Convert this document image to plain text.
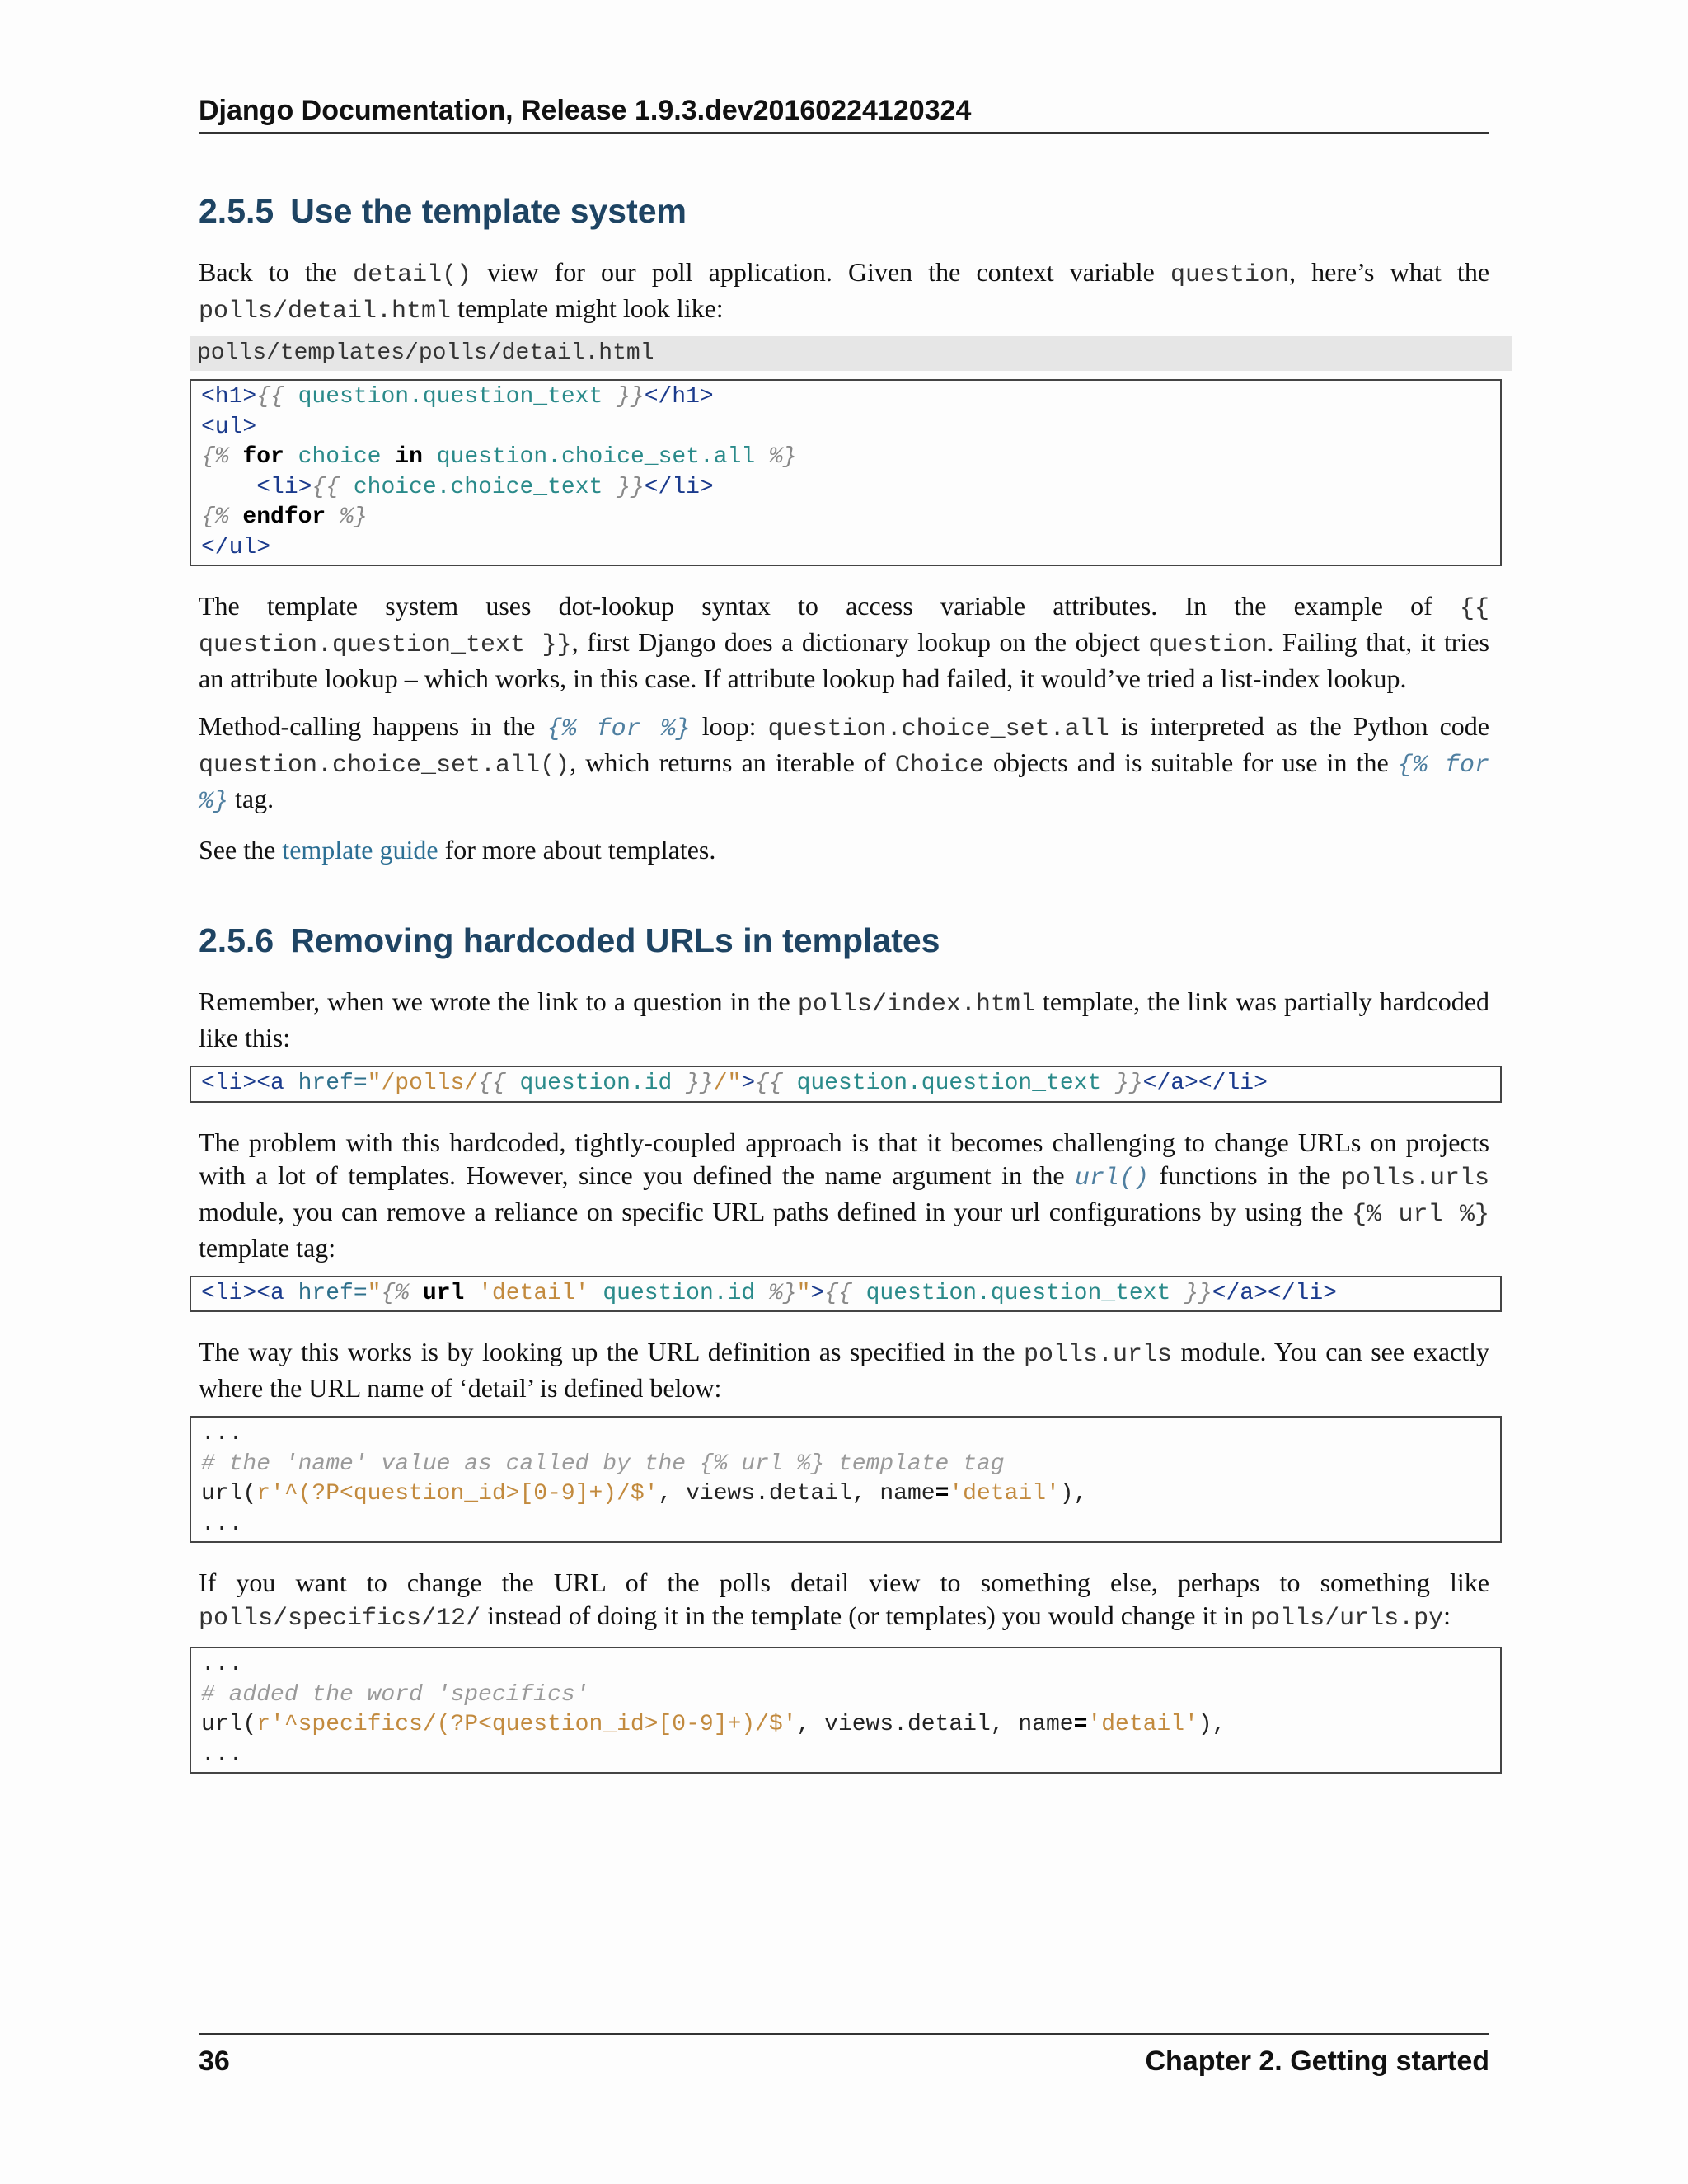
Django Documentation, Release 1.9.3.dev20160224120324
2.5.5 Use the template system

Back to the detail() view for our poll application. Given the context variable question, here’s what the polls/detail.html template might look like:

polls/templates/polls/detail.html
<h1>{{ question.question_text }}</h1>
<ul>
{% for choice in question.choice_set.all %}
<li>{{ choice.choice_text }}</li>
{% endfor %}
</ul>

The template system uses dot-lookup syntax to access variable attributes. In the example of {{ question.question_text }}, first Django does a dictionary lookup on the object question. Failing that, it tries an attribute lookup – which works, in this case. If attribute lookup had failed, it would’ve tried a list-index lookup.

Method-calling happens in the {% for %} loop: question.choice_set.all is interpreted as the Python code question.choice_set.all(), which returns an iterable of Choice objects and is suitable for use in the {% for %} tag.

See the template guide for more about templates.

2.5.6 Removing hardcoded URLs in templates

Remember, when we wrote the link to a question in the polls/index.html template, the link was partially hardcoded like this:

<li><a href="/polls/{{ question.id }}/">{{ question.question_text }}</a></li>

The problem with this hardcoded, tightly-coupled approach is that it becomes challenging to change URLs on projects with a lot of templates. However, since you defined the name argument in the url() functions in the polls.urls module, you can remove a reliance on specific URL paths defined in your url configurations by using the {% url %} template tag:

<li><a href="{% url 'detail' question.id %}">{{ question.question_text }}</a></li>

The way this works is by looking up the URL definition as specified in the polls.urls module. You can see exactly where the URL name of ‘detail’ is defined below:

...
# the 'name' value as called by the {% url %} template tag
url(r'^(?P<question_id>[0-9]+)/$', views.detail, name='detail'),
...

If you want to change the URL of the polls detail view to something else, perhaps to something like polls/specifics/12/ instead of doing it in the template (or templates) you would change it in polls/urls.py:

...
# added the word 'specifics'
url(r'^specifics/(?P<question_id>[0-9]+)/$', views.detail, name='detail'),
...
36	Chapter 2. Getting started
